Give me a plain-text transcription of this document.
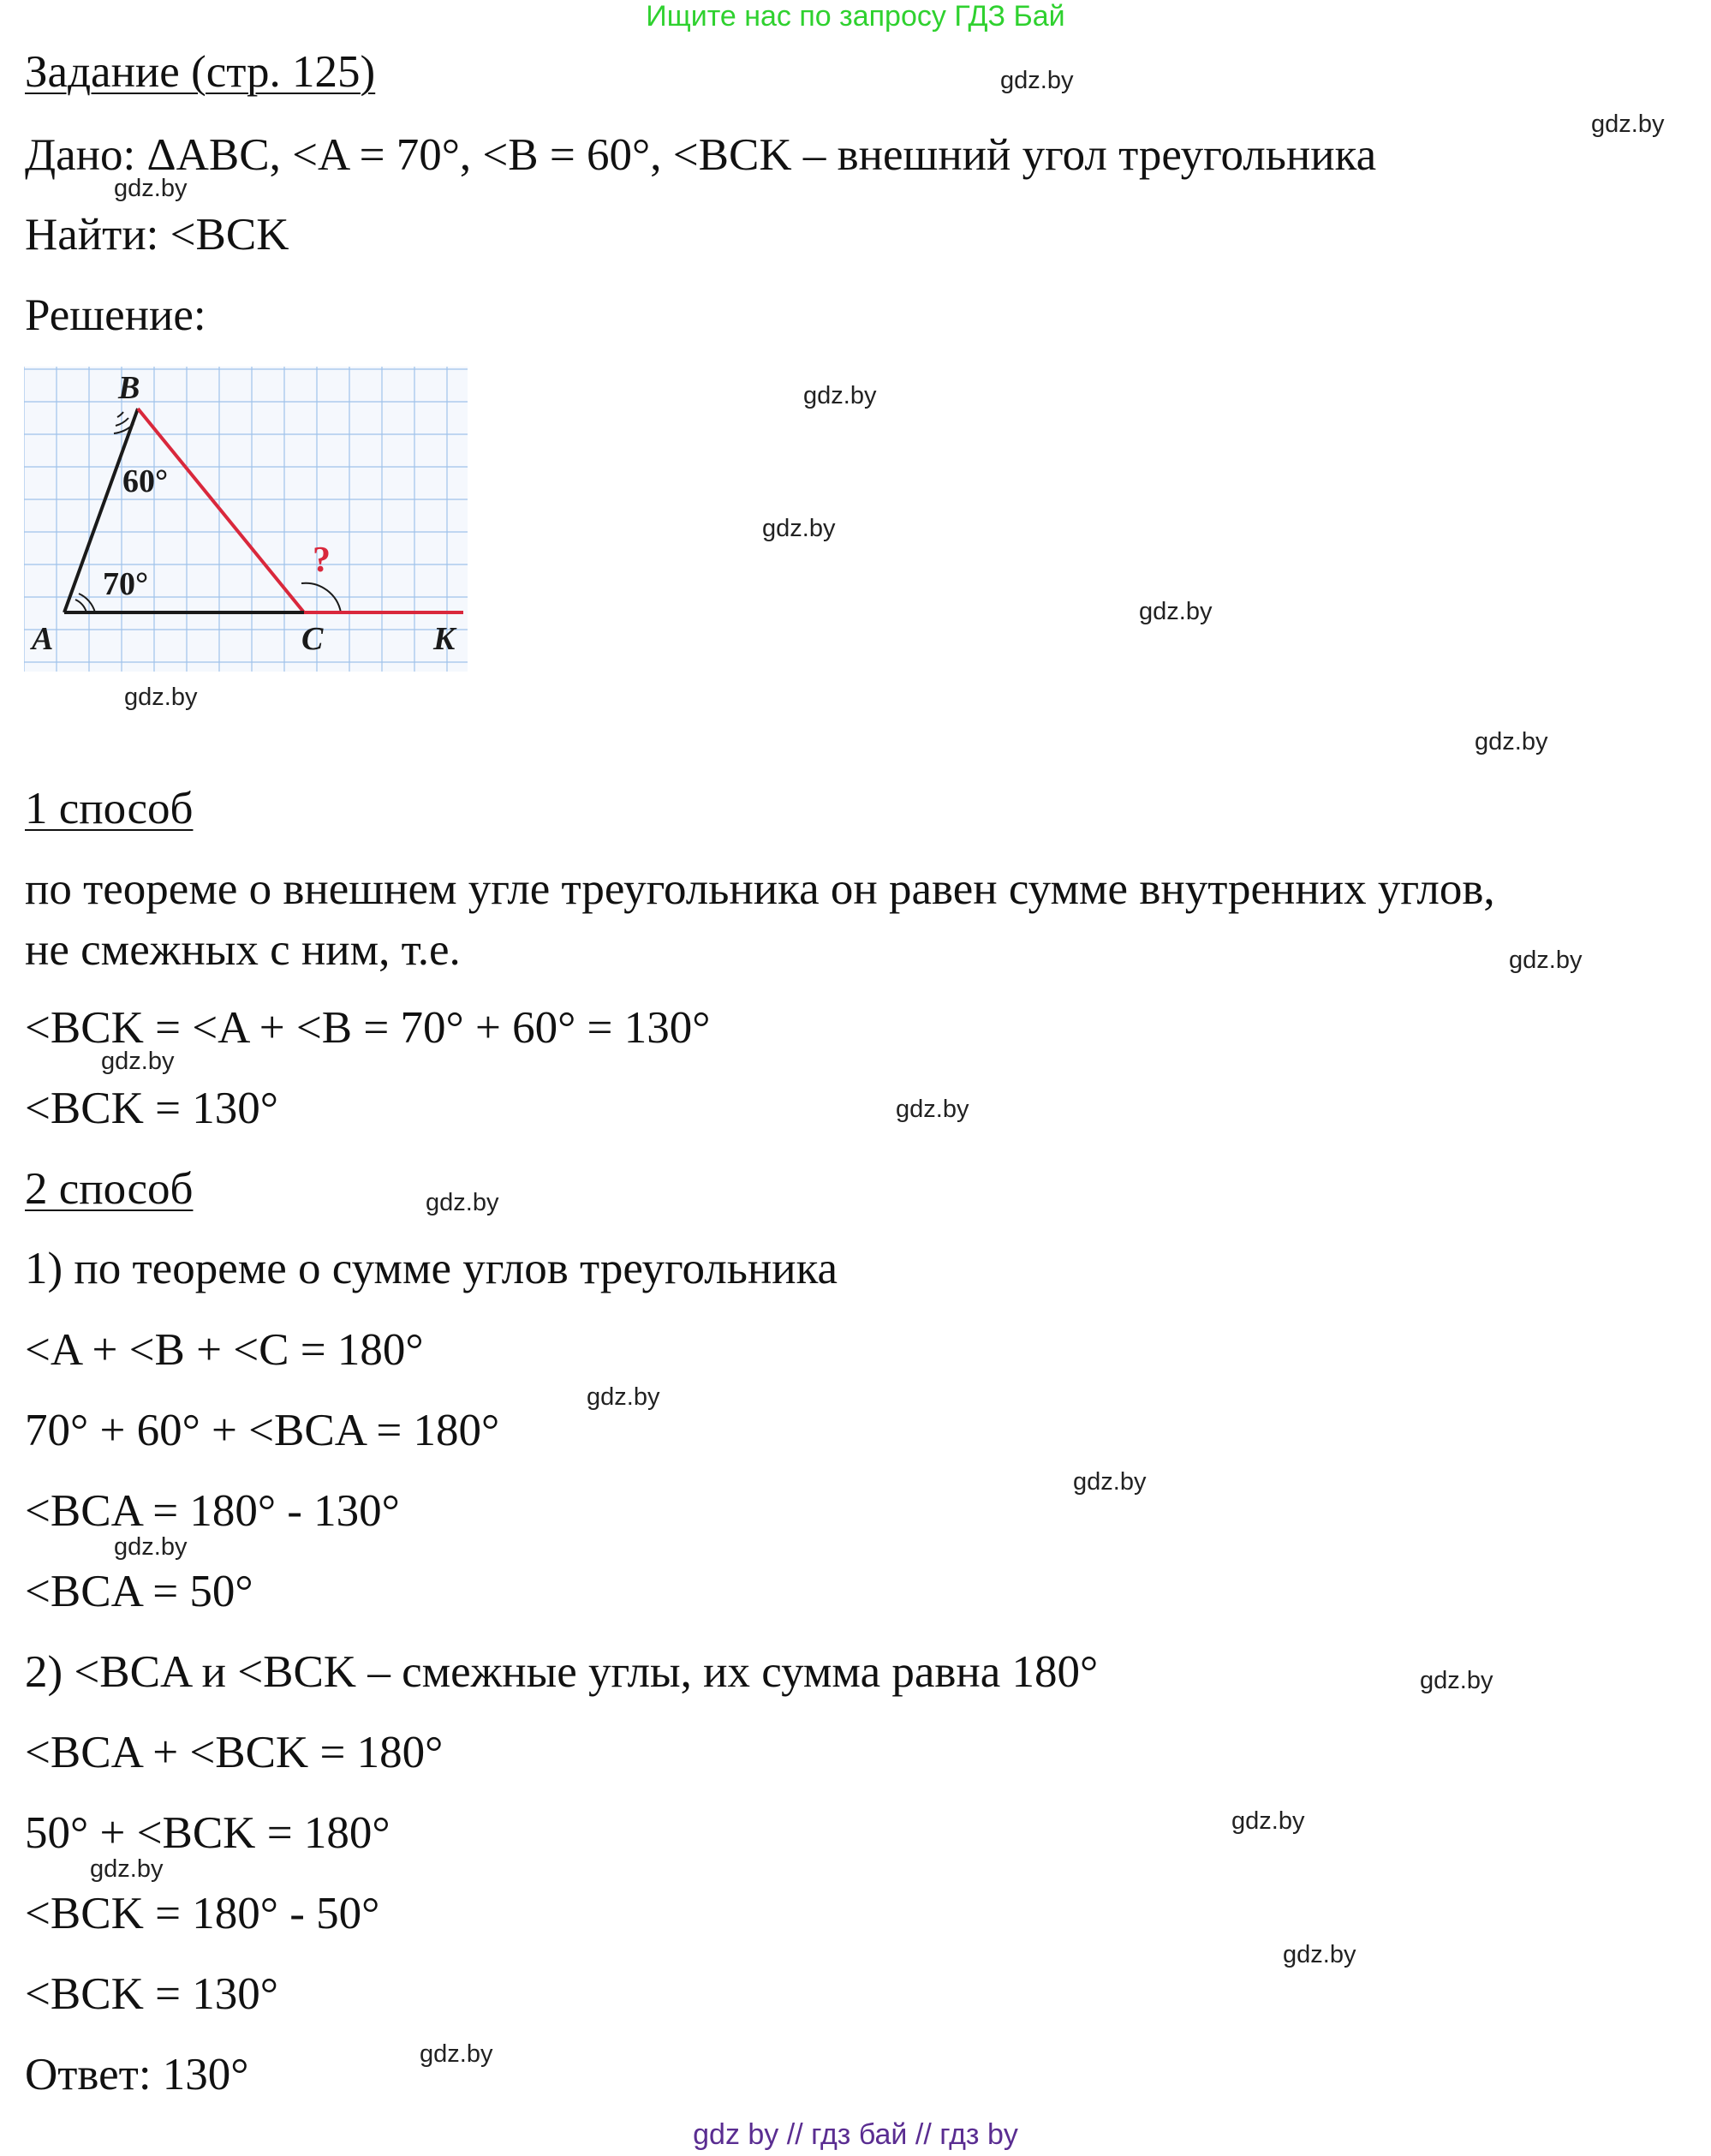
Ищите нас по запросу ГДЗ Бай
Задание (стр. 125)
Дано: ΔABC, <A = 70°, <B = 60°, <BCK – внешний угол треугольника
Найти: <BCK
Решение:
B
A	C	K
60°
70°
?
1 способ
по теореме о внешнем угле треугольника он равен сумме внутренних углов,
не смежных с ним, т.е.
<BCK = <A + <B = 70° + 60° = 130°
<BCK = 130°
2 способ
1) по теореме о сумме углов треугольника
<A + <B + <C = 180°
70° + 60° + <BCA = 180°
<BCA = 180° - 130°
<BCA = 50°
2) <BCA и <BCK – смежные углы, их сумма равна 180°
<BCA + <BCK = 180°
50° + <BCK = 180°
<BCK = 180° - 50°
<BCK = 130°
Ответ: 130°
gdz.by
gdz.by
gdz.by
gdz.by
gdz.by
gdz.by
gdz.by
gdz.by
gdz.by
gdz.by
gdz.by
gdz.by
gdz.by
gdz.by
gdz.by
gdz.by
gdz.by
gdz.by
gdz.by
gdz.by
gdz by // гдз бай // гдз by
